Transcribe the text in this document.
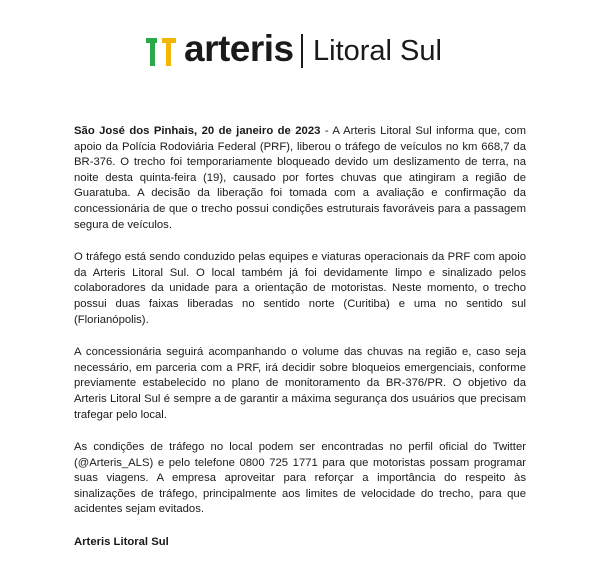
arteris Litoral Sul

São José dos Pinhais, 20 de janeiro de 2023 - A Arteris Litoral Sul informa que, com apoio da Polícia Rodoviária Federal (PRF), liberou o tráfego de veículos no km 668,7 da BR-376. O trecho foi temporariamente bloqueado devido um deslizamento de terra, na noite desta quinta-feira (19), causado por fortes chuvas que atingiram a região de Guaratuba. A decisão da liberação foi tomada com a avaliação e confirmação da concessionária de que o trecho possui condições estruturais favoráveis para a passagem segura de veículos.

O tráfego está sendo conduzido pelas equipes e viaturas operacionais da PRF com apoio da Arteris Litoral Sul. O local também já foi devidamente limpo e sinalizado pelos colaboradores da unidade para a orientação de motoristas. Neste momento, o trecho possui duas faixas liberadas no sentido norte (Curitiba) e uma no sentido sul (Florianópolis).

A concessionária seguirá acompanhando o volume das chuvas na região e, caso seja necessário, em parceria com a PRF, irá decidir sobre bloqueios emergenciais, conforme previamente estabelecido no plano de monitoramento da BR-376/PR. O objetivo da Arteris Litoral Sul é sempre a de garantir a máxima segurança dos usuários que precisam trafegar pelo local.

As condições de tráfego no local podem ser encontradas no perfil oficial do Twitter (@Arteris_ALS) e pelo telefone 0800 725 1771 para que motoristas possam programar suas viagens. A empresa aproveitar para reforçar a importância do respeito às sinalizações de tráfego, principalmente aos limites de velocidade do trecho, para que acidentes sejam evitados.

Arteris Litoral Sul
